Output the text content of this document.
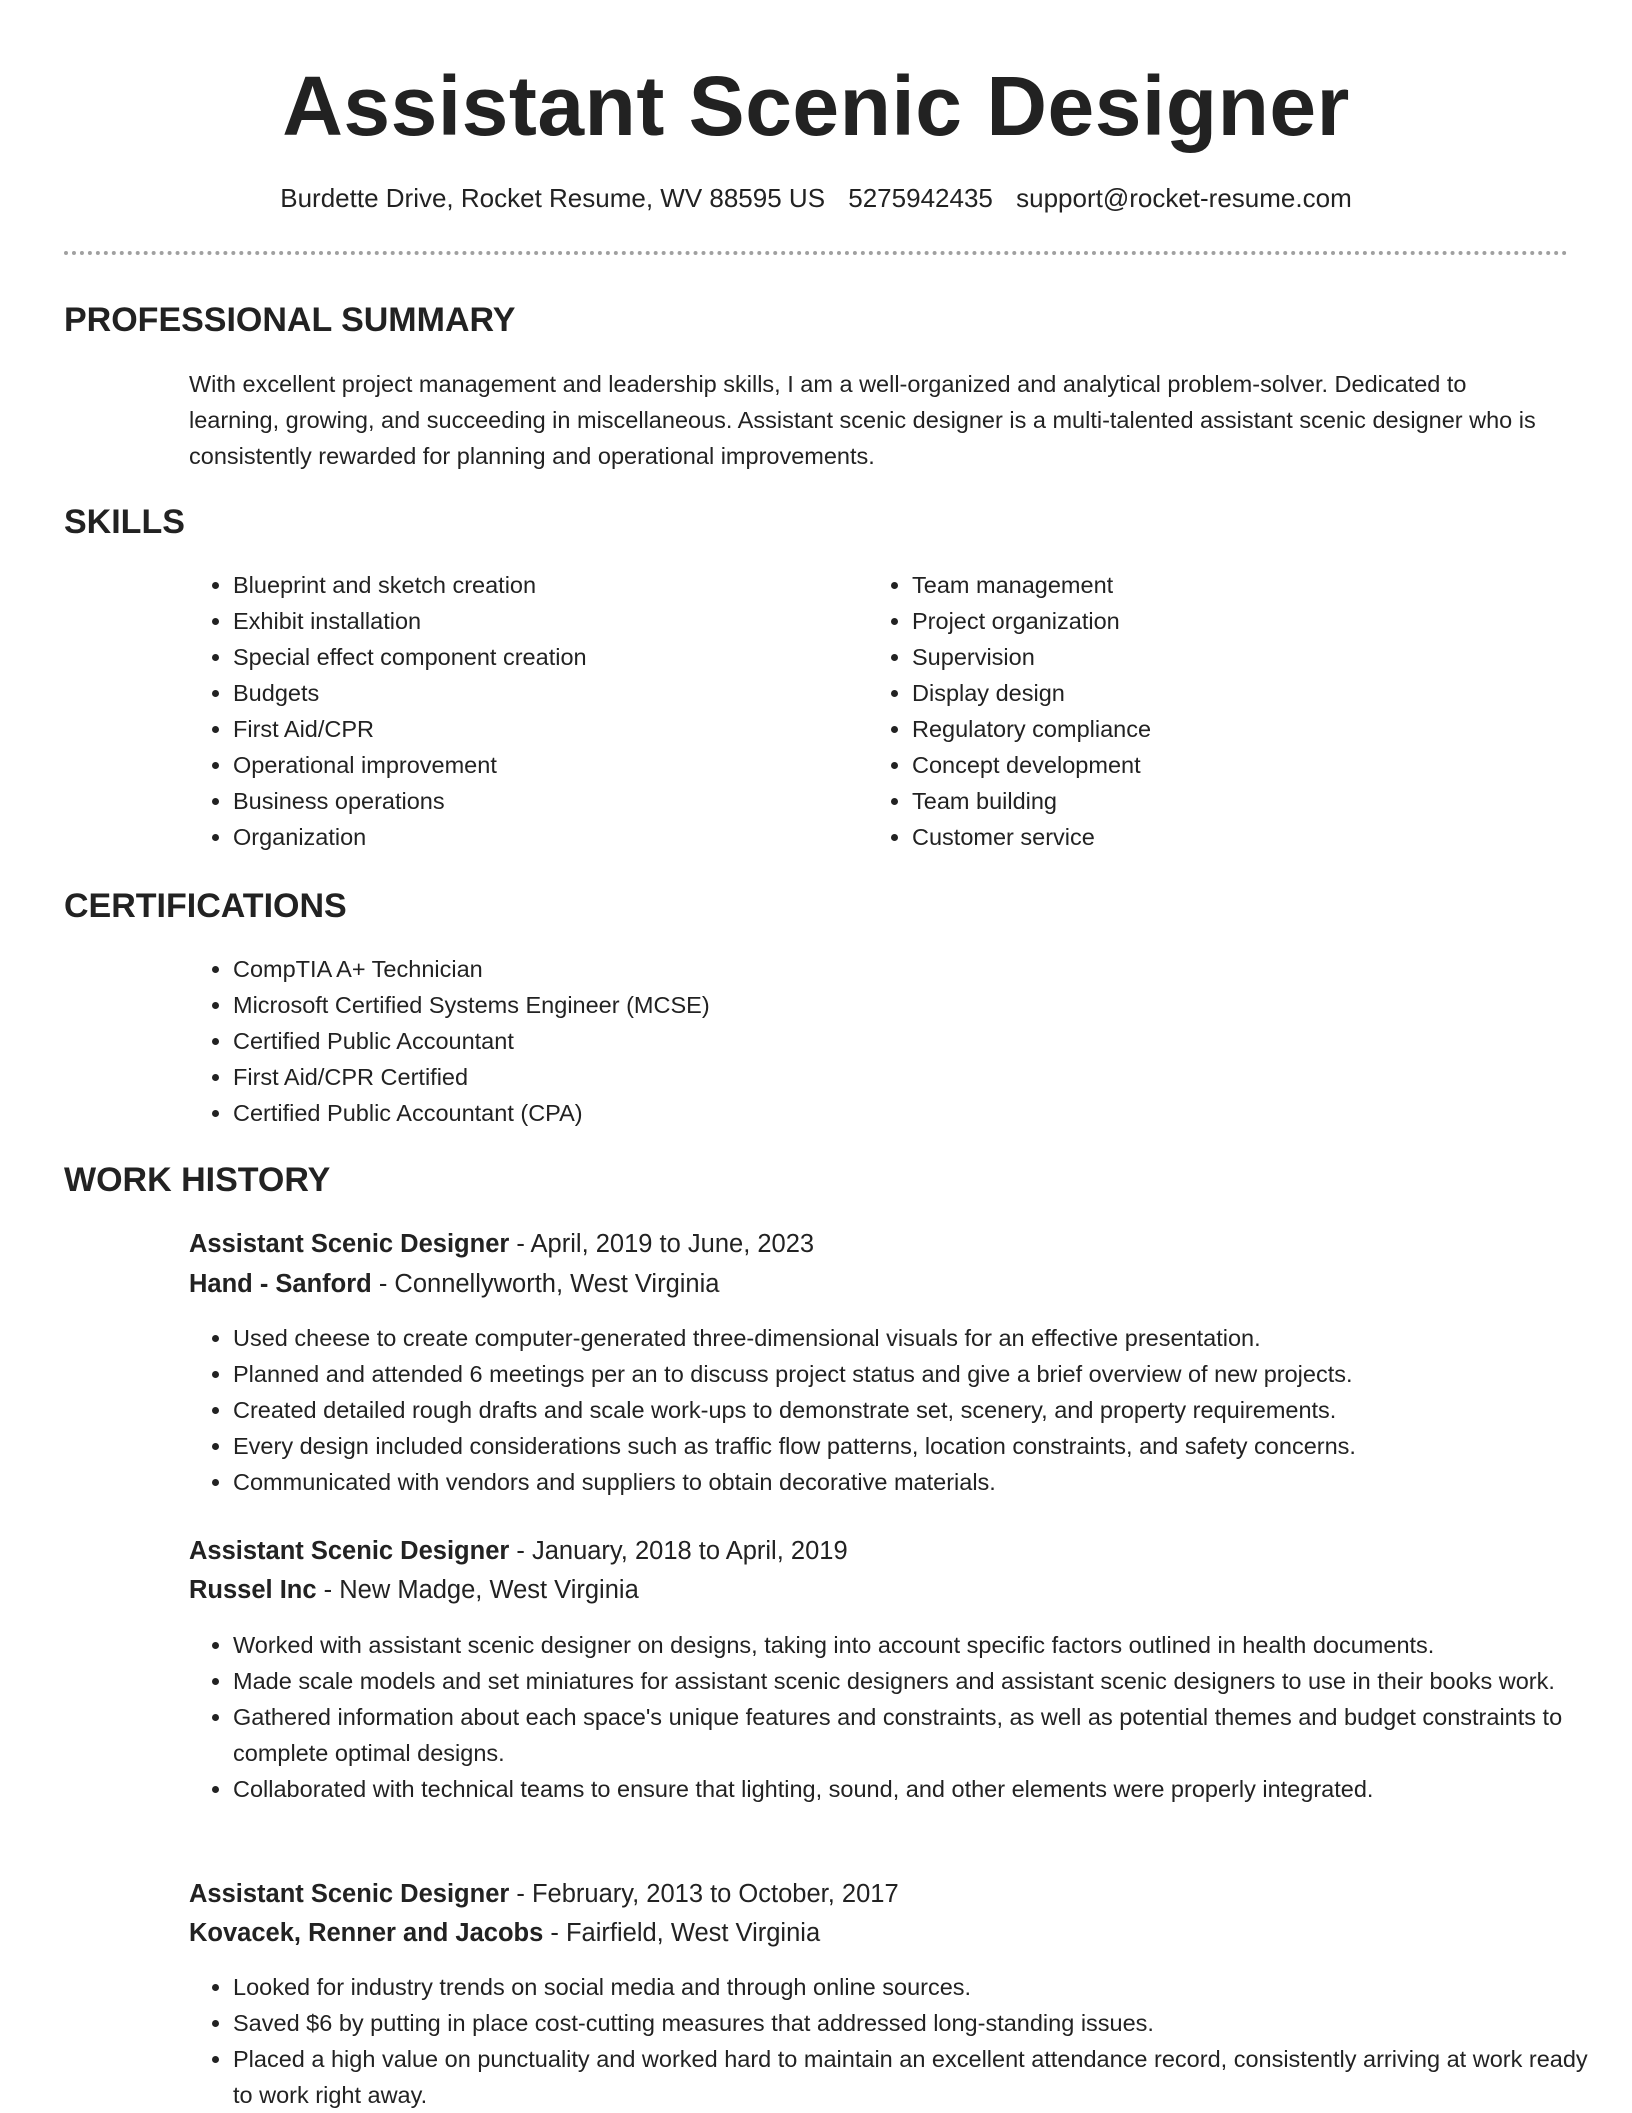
Assistant Scenic Designer
Burdette Drive, Rocket Resume, WV 88595 US 5275942435 support@rocket-resume.com
PROFESSIONAL SUMMARY

With excellent project management and leadership skills, I am a well-organized and analytical problem-solver. Dedicated to learning, growing, and succeeding in miscellaneous. Assistant scenic designer is a multi-talented assistant scenic designer who is consistently rewarded for planning and operational improvements.

SKILLS
• Blueprint and sketch creation
• Exhibit installation
• Special effect component creation
• Budgets
• First Aid/CPR
• Operational improvement
• Business operations
• Organization
• Team management
• Project organization
• Supervision
• Display design
• Regulatory compliance
• Concept development
• Team building
• Customer service
CERTIFICATIONS
• CompTIA A+ Technician
• Microsoft Certified Systems Engineer (MCSE)
• Certified Public Accountant
• First Aid/CPR Certified
• Certified Public Accountant (CPA)
WORK HISTORY
Assistant Scenic Designer - April, 2019 to June, 2023
Hand - Sanford - Connellyworth, West Virginia
• Used cheese to create computer-generated three-dimensional visuals for an effective presentation.
• Planned and attended 6 meetings per an to discuss project status and give a brief overview of new projects.
• Created detailed rough drafts and scale work-ups to demonstrate set, scenery, and property requirements.
• Every design included considerations such as traffic flow patterns, location constraints, and safety concerns.
• Communicated with vendors and suppliers to obtain decorative materials.
Assistant Scenic Designer - January, 2018 to April, 2019
Russel Inc - New Madge, West Virginia
• Worked with assistant scenic designer on designs, taking into account specific factors outlined in health documents.
• Made scale models and set miniatures for assistant scenic designers and assistant scenic designers to use in their books work.
• Gathered information about each space's unique features and constraints, as well as potential themes and budget constraints to complete optimal designs.
• Collaborated with technical teams to ensure that lighting, sound, and other elements were properly integrated.
Assistant Scenic Designer - February, 2013 to October, 2017
Kovacek, Renner and Jacobs - Fairfield, West Virginia
• Looked for industry trends on social media and through online sources.
• Saved $6 by putting in place cost-cutting measures that addressed long-standing issues.
• Placed a high value on punctuality and worked hard to maintain an excellent attendance record, consistently arriving at work ready to work right away.
